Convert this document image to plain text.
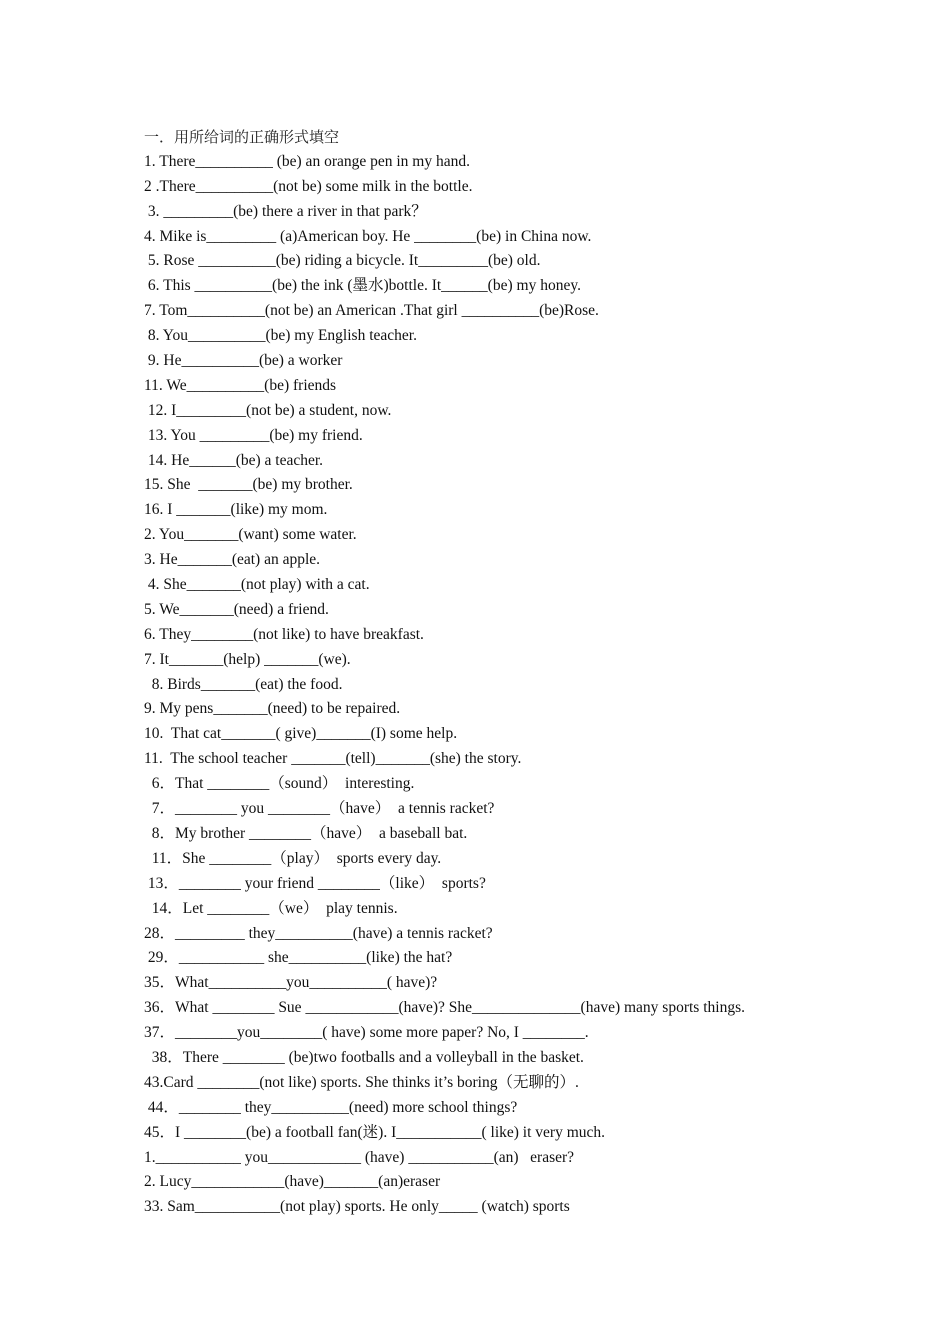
一．用所给词的正确形式填空
1. There__________ (be) an orange pen in my hand.
2 .There__________(not be) some milk in the bottle.
3. _________(be) there a river in that park？
4. Mike is_________ (a)American boy. He ________(be) in China now.
5. Rose __________(be) riding a bicycle. It_________(be) old.
6. This __________(be) the ink (墨水)bottle. It______(be) my honey.
7. Tom__________(not be) an American .That girl __________(be)Rose.
8. You__________(be) my English teacher.
9. He__________(be) a worker
11. We__________(be) friends
12. I_________(not be) a student, now.
13. You _________(be) my friend.
14. He______(be) a teacher.
15. She  _______(be) my brother.
16. I _______(like) my mom.
2. You_______(want) some water.
3. He_______(eat) an apple.
4. She_______(not play) with a cat.
5. We_______(need) a friend.
6. They________(not like) to have breakfast.
7. It_______(help) _______(we).
8. Birds_______(eat) the food.
9. My pens_______(need) to be repaired.
10.  That cat_______( give)_______(I) some help.
11.  The school teacher _______(tell)_______(she) the story.
6．That ________（sound）  interesting.
7．________ you ________（have）  a tennis racket?
8．My brother ________（have）  a baseball bat.
11．She ________（play）  sports every day.
13．________ your friend ________（like）  sports?
14．Let ________（we）  play tennis.
28．_________ they__________(have) a tennis racket?
29．___________ she__________(like) the hat?
35．What__________you__________( have)?
36．What ________ Sue ____________(have)? She______________(have) many sports things.
37．________you________( have) some more paper? No, I ________.
38．There ________ (be)two footballs and a volleyball in the basket.
43.Card ________(not like) sports. She thinks it’s boring（无聊的）.
44．________ they__________(need) more school things?
45．I ________(be) a football fan(迷). I___________( like) it very much.
1.___________ you____________ (have) ___________(an)   eraser?
2. Lucy____________(have)_______(an)eraser
33. Sam___________(not play) sports. He only_____ (watch) sports
